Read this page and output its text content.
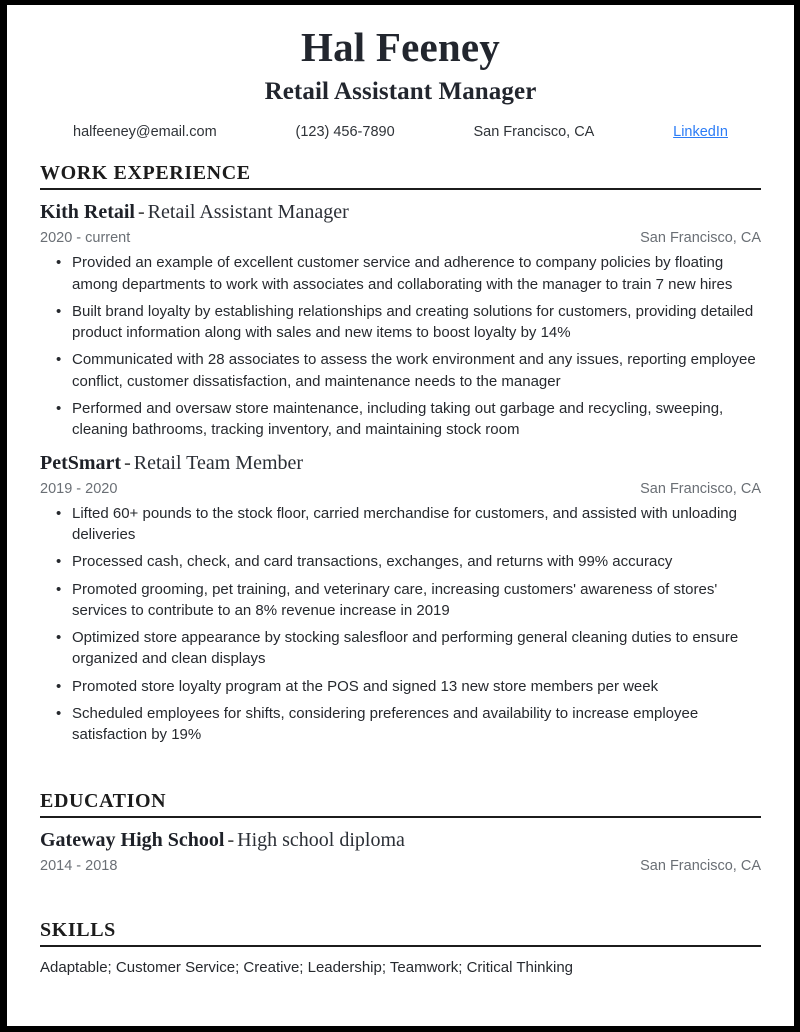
Hal Feeney
Retail Assistant Manager
halfeeney@email.com	(123) 456-7890	San Francisco, CA	LinkedIn
WORK EXPERIENCE
Kith Retail - Retail Assistant Manager
2020 - current	San Francisco, CA
• Provided an example of excellent customer service and adherence to company policies by floating among departments to work with associates and collaborating with the manager to train 7 new hires
• Built brand loyalty by establishing relationships and creating solutions for customers, providing detailed product information along with sales and new items to boost loyalty by 14%
• Communicated with 28 associates to assess the work environment and any issues, reporting employee conflict, customer dissatisfaction, and maintenance needs to the manager
• Performed and oversaw store maintenance, including taking out garbage and recycling, sweeping, cleaning bathrooms, tracking inventory, and maintaining stock room
PetSmart - Retail Team Member
2019 - 2020	San Francisco, CA
• Lifted 60+ pounds to the stock floor, carried merchandise for customers, and assisted with unloading deliveries
• Processed cash, check, and card transactions, exchanges, and returns with 99% accuracy
• Promoted grooming, pet training, and veterinary care, increasing customers' awareness of stores' services to contribute to an 8% revenue increase in 2019
• Optimized store appearance by stocking salesfloor and performing general cleaning duties to ensure organized and clean displays
• Promoted store loyalty program at the POS and signed 13 new store members per week
• Scheduled employees for shifts, considering preferences and availability to increase employee satisfaction by 19%
EDUCATION
Gateway High School - High school diploma
2014 - 2018	San Francisco, CA
SKILLS
Adaptable; Customer Service; Creative; Leadership; Teamwork; Critical Thinking
